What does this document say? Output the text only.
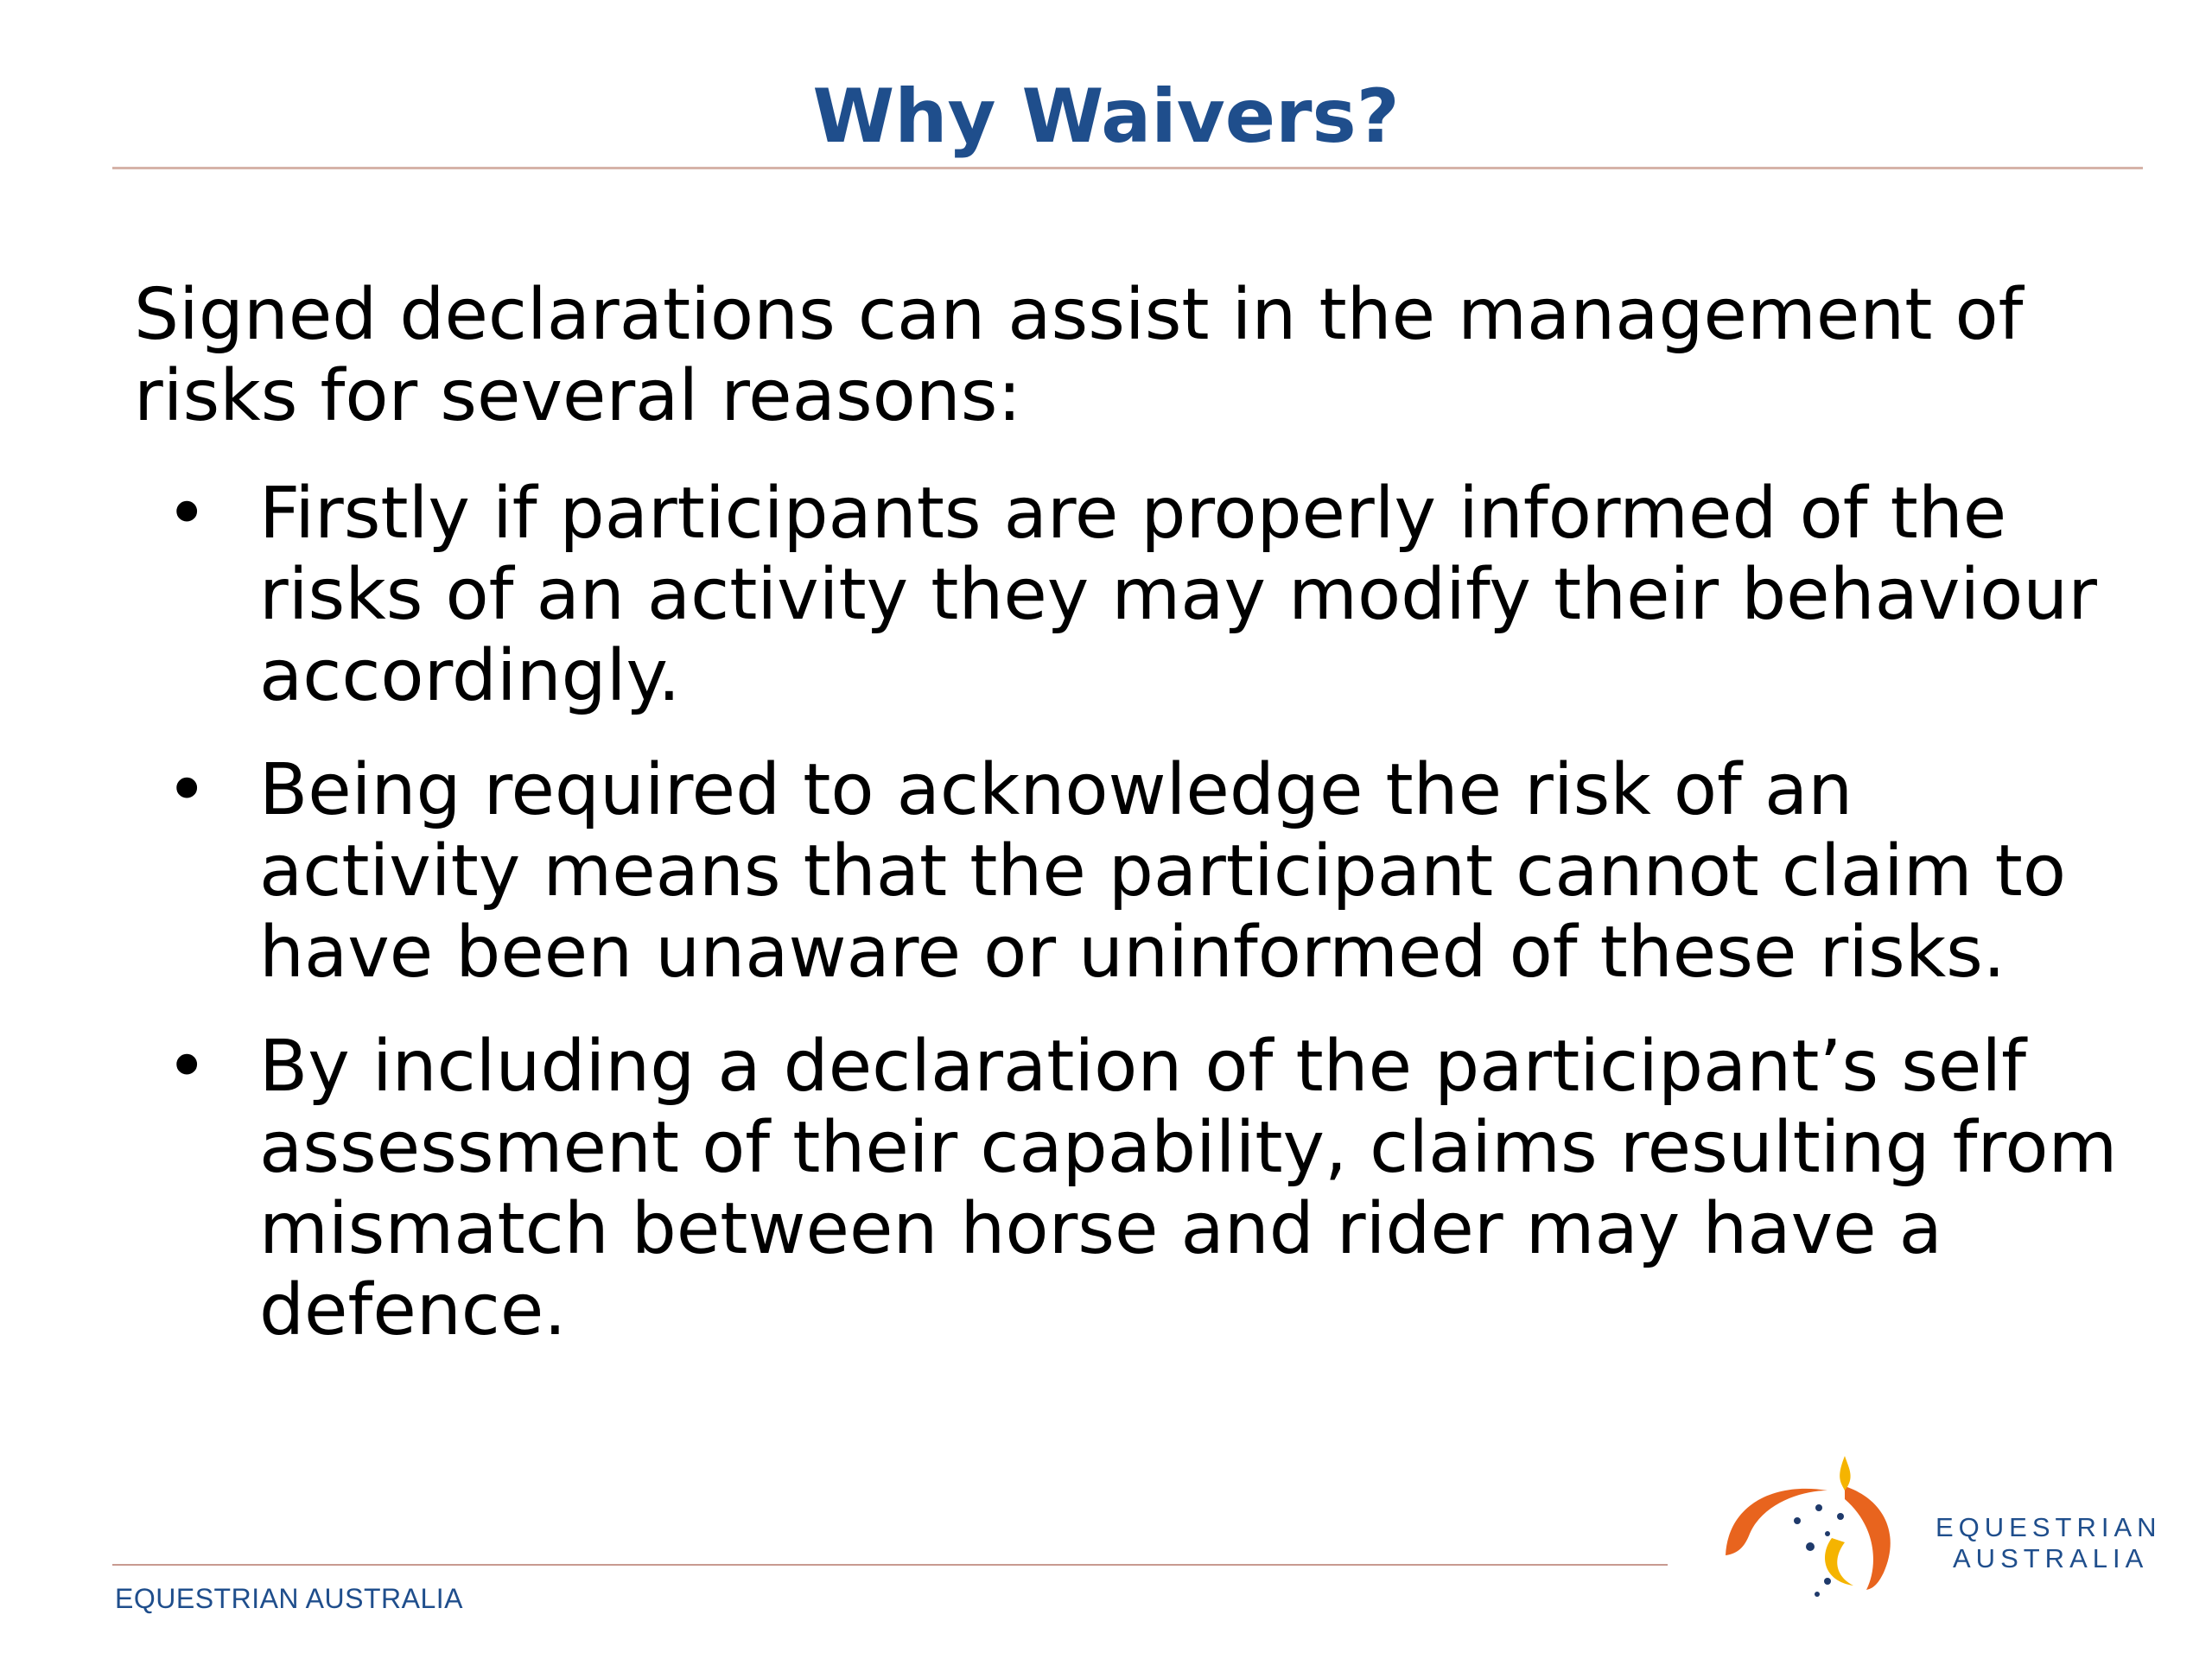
Why Waivers?

Signed declarations can assist in the management of risks for several reasons:

• Firstly if participants are properly informed of the risks of an activity they may modify their behaviour accordingly.
• Being required to acknowledge the risk of an activity means that the participant cannot claim to have been unaware or uninformed of these risks.
• By including a declaration of the participant’s self assessment of their capability, claims resulting from mismatch between horse and rider may have a defence.
EQUESTRIAN AUSTRALIA
EQUESTRIAN
AUSTRALIA
